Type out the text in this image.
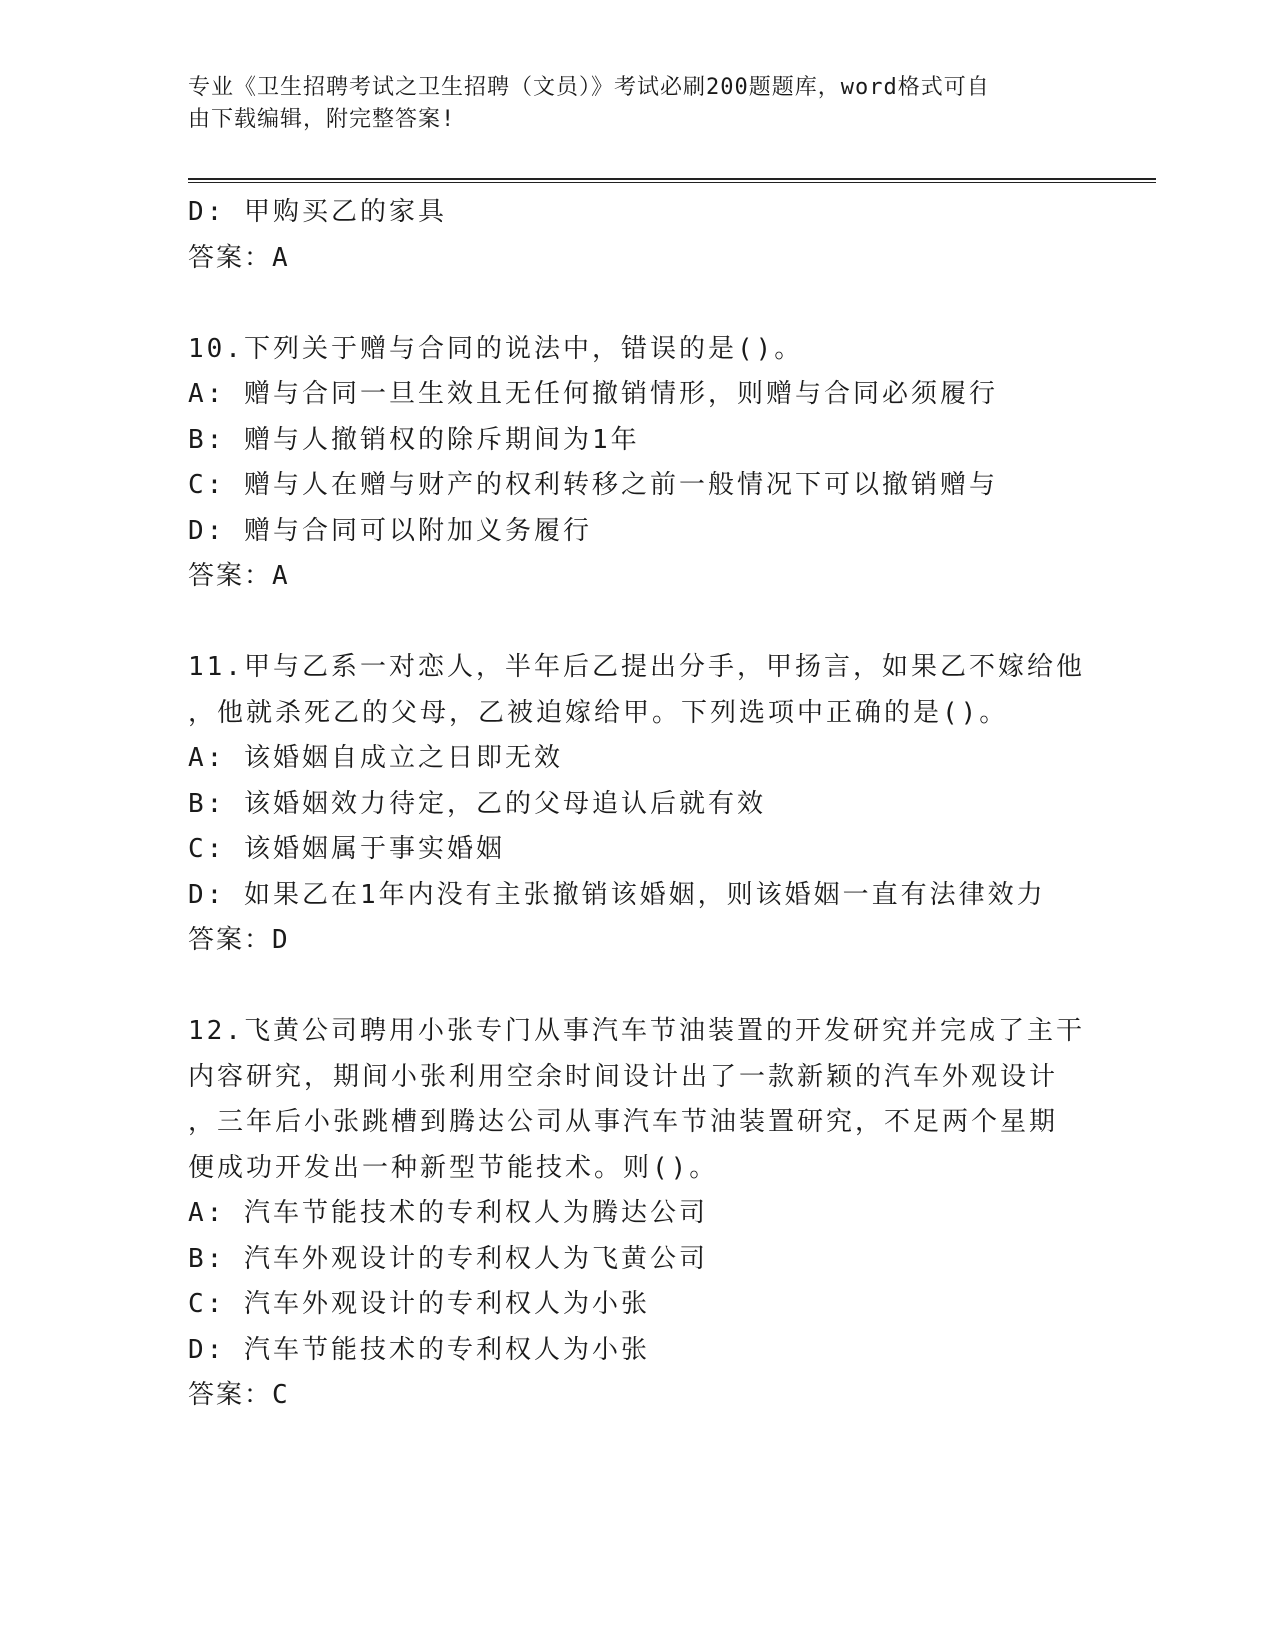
专业《卫生招聘考试之卫生招聘（文员）》考试必刷200题题库，word格式可自
由下载编辑，附完整答案!
D: 甲购买乙的家具
答案：A
10.下列关于赠与合同的说法中，错误的是()。
A: 赠与合同一旦生效且无任何撤销情形，则赠与合同必须履行
B: 赠与人撤销权的除斥期间为1年
C: 赠与人在赠与财产的权利转移之前一般情况下可以撤销赠与
D: 赠与合同可以附加义务履行
答案：A
11.甲与乙系一对恋人，半年后乙提出分手，甲扬言，如果乙不嫁给他
，他就杀死乙的父母，乙被迫嫁给甲。下列选项中正确的是()。
A: 该婚姻自成立之日即无效
B: 该婚姻效力待定，乙的父母追认后就有效
C: 该婚姻属于事实婚姻
D: 如果乙在1年内没有主张撤销该婚姻，则该婚姻一直有法律效力
答案：D
12.飞黄公司聘用小张专门从事汽车节油装置的开发研究并完成了主干
内容研究，期间小张利用空余时间设计出了一款新颖的汽车外观设计
，三年后小张跳槽到腾达公司从事汽车节油装置研究，不足两个星期
便成功开发出一种新型节能技术。则()。
A: 汽车节能技术的专利权人为腾达公司
B: 汽车外观设计的专利权人为飞黄公司
C: 汽车外观设计的专利权人为小张
D: 汽车节能技术的专利权人为小张
答案：C
